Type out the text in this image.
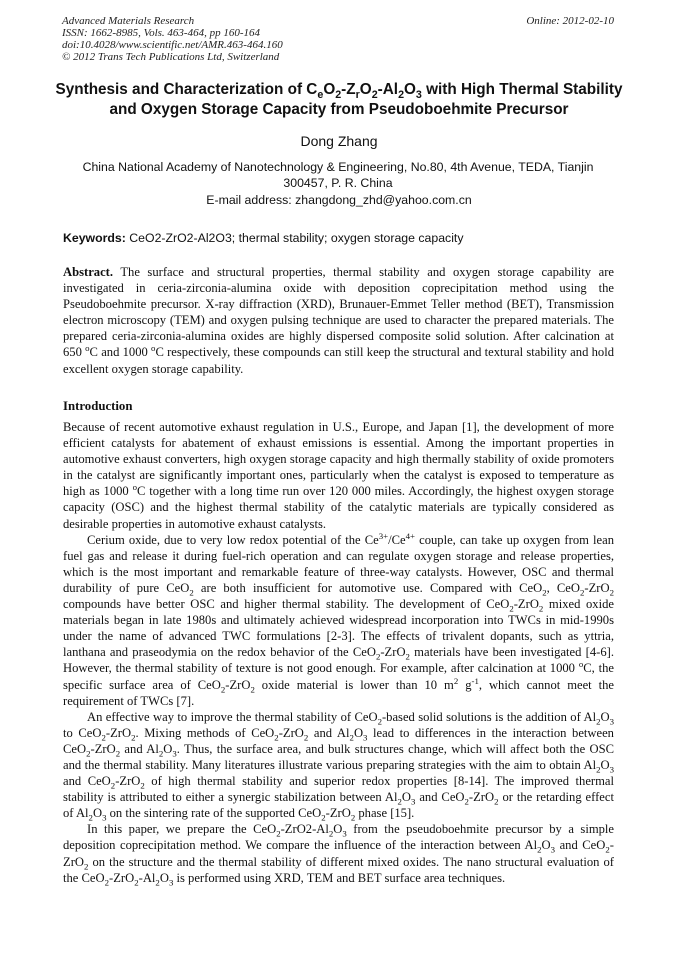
Advanced Materials Research
ISSN: 1662-8985, Vols. 463-464, pp 160-164
doi:10.4028/www.scientific.net/AMR.463-464.160
© 2012 Trans Tech Publications Ltd, Switzerland
Online: 2012-02-10
Synthesis and Characterization of $C_eO_2-Z_rO_2-Al_2O_3$ with High Thermal Stability and Oxygen Storage Capacity from Pseudoboehmite Precursor
Dong Zhang
China National Academy of Nanotechnology & Engineering, No.80, 4th Avenue, TEDA, Tianjin 300457, P. R. China
E-mail address: zhangdong_zhd@yahoo.com.cn
Keywords: CeO2-ZrO2-Al2O3; thermal stability; oxygen storage capacity
Abstract. The surface and structural properties, thermal stability and oxygen storage capability are investigated in ceria-zirconia-alumina oxide with deposition coprecipitation method using the Pseudoboehmite precursor. X-ray diffraction (XRD), Brunauer-Emmet Teller method (BET), Transmission electron microscopy (TEM) and oxygen pulsing technique are used to character the prepared materials. The prepared ceria-zirconia-alumina oxides are highly dispersed composite solid solution. After calcination at 650 $^o$C and 1000 $^o$C respectively, these compounds can still keep the structural and textural stability and hold excellent oxygen storage capability.
Introduction

Because of recent automotive exhaust regulation in U.S., Europe, and Japan [1], the development of more efficient catalysts for abatement of exhaust emissions is essential. Among the important properties in automotive exhaust converters, high oxygen storage capacity and high thermally stability of oxide promoters in the catalyst are significantly important ones, particularly when the catalyst is exposed to temperature as high as 1000 $^o$C together with a long time run over 120 000 miles. Accordingly, the highest oxygen storage capacity (OSC) and the highest thermal stability of the catalytic materials are typically considered as desirable properties in automotive exhaust catalysts.

Cerium oxide, due to very low redox potential of the $Ce^{3+}/Ce^{4+}$ couple, can take up oxygen from lean fuel gas and release it during fuel-rich operation and can regulate oxygen storage and release properties, which is the most important and remarkable feature of three-way catalysts. However, OSC and thermal durability of pure CeO$_2$ are both insufficient for automotive use. Compared with CeO$_2$, CeO$_2$-ZrO$_2$ compounds have better OSC and higher thermal stability. The development of CeO$_2$-ZrO$_2$ mixed oxide materials began in late 1980s and ultimately achieved widespread incorporation into TWCs in mid-1990s under the name of advanced TWC formulations [2-3]. The effects of trivalent dopants, such as yttria, lanthana and praseodymia on the redox behavior of the CeO$_2$-ZrO$_2$ materials have been investigated [4-6]. However, the thermal stability of texture is not good enough. For example, after calcination at 1000 $^o$C, the specific surface area of CeO$_2$-ZrO$_2$ oxide material is lower than 10 $m^2$ $g^{-1}$, which cannot meet the requirement of TWCs [7].

An effective way to improve the thermal stability of CeO$_2$-based solid solutions is the addition of $Al_2O_3$ to CeO$_2$-ZrO$_2$. Mixing methods of CeO$_2$-ZrO$_2$ and $Al_2O_3$ lead to differences in the interaction between CeO$_2$-ZrO$_2$ and $Al_2O_3$. Thus, the surface area, and bulk structures change, which will affect both the OSC and the thermal stability. Many literatures illustrate various preparing strategies with the aim to obtain $Al_2O_3$ and CeO$_2$-ZrO$_2$ of high thermal stability and superior redox properties [8-14]. The improved thermal stability is attributed to either a synergic stabilization between $Al_2O_3$ and CeO$_2$-ZrO$_2$ or the retarding effect of $Al_2O_3$ on the sintering rate of the supported CeO$_2$-ZrO$_2$ phase [15].

In this paper, we prepare the $CeO_2-ZrO2-Al_2O_3$ from the pseudoboehmite precursor by a simple deposition coprecipitation method. We compare the influence of the interaction between $Al_2O_3$ and CeO$_2$-ZrO$_2$ on the structure and the thermal stability of different mixed oxides. The nano structural evaluation of the $CeO_2-ZrO_2-Al_2O_3$ is performed using XRD, TEM and BET surface area techniques.
